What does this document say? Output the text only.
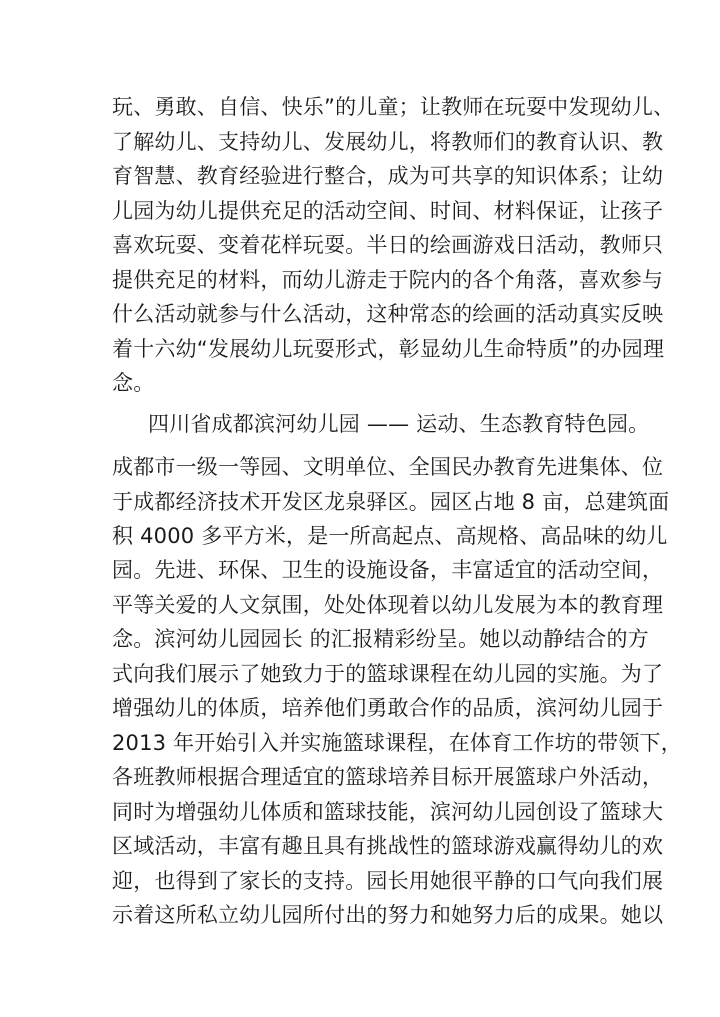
玩、勇敢、自信、快乐”的儿童；让教师在玩耍中发现幼儿、
了解幼儿、支持幼儿、发展幼儿，将教师们的教育认识、教
育智慧、教育经验进行整合，成为可共享的知识体系；让幼
儿园为幼儿提供充足的活动空间、时间、材料保证，让孩子
喜欢玩耍、变着花样玩耍。半日的绘画游戏日活动，教师只
提供充足的材料，而幼儿游走于院内的各个角落，喜欢参与
什么活动就参与什么活动，这种常态的绘画的活动真实反映
着十六幼“发展幼儿玩耍形式，彰显幼儿生命特质”的办园理
念。
四川省成都滨河幼儿园 —— 运动、生态教育特色园。
成都市一级一等园、文明单位、全国民办教育先进集体、位
于成都经济技术开发区龙泉驿区。园区占地 8 亩，总建筑面
积 4000 多平方米，是一所高起点、高规格、高品味的幼儿
园。先进、环保、卫生的设施设备，丰富适宜的活动空间，
平等关爱的人文氛围，处处体现着以幼儿发展为本的教育理
念。滨河幼儿园园长 的汇报精彩纷呈。她以动静结合的方
式向我们展示了她致力于的篮球课程在幼儿园的实施。为了
增强幼儿的体质，培养他们勇敢合作的品质，滨河幼儿园于
2013 年开始引入并实施篮球课程，在体育工作坊的带领下，
各班教师根据合理适宜的篮球培养目标开展篮球户外活动，
同时为增强幼儿体质和篮球技能，滨河幼儿园创设了篮球大
区域活动，丰富有趣且具有挑战性的篮球游戏赢得幼儿的欢
迎，也得到了家长的支持。园长用她很平静的口气向我们展
示着这所私立幼儿园所付出的努力和她努力后的成果。她以
